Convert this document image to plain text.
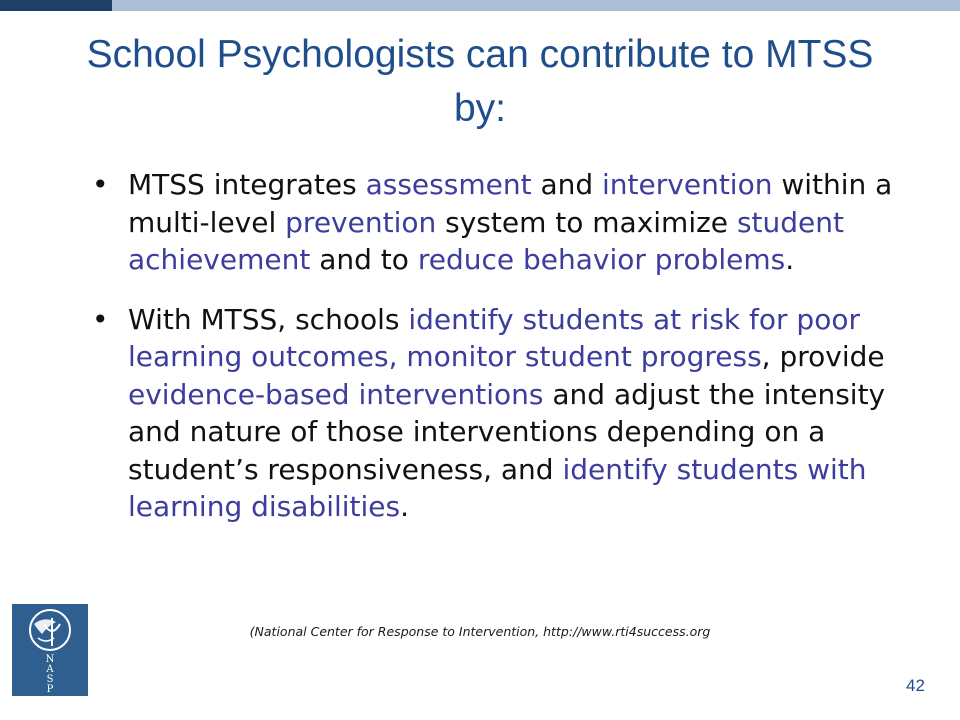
School Psychologists can contribute to MTSS by:
• MTSS integrates assessment and intervention within a multi-level prevention system to maximize student achievement and to reduce behavior problems.
• With MTSS, schools identify students at risk for poor learning outcomes, monitor student progress, provide evidence-based interventions and adjust the intensity and nature of those interventions depending on a student’s responsiveness, and identify students with learning disabilities.
(National Center for Response to Intervention, http://www.rti4success.org
N
A
S
P	42
